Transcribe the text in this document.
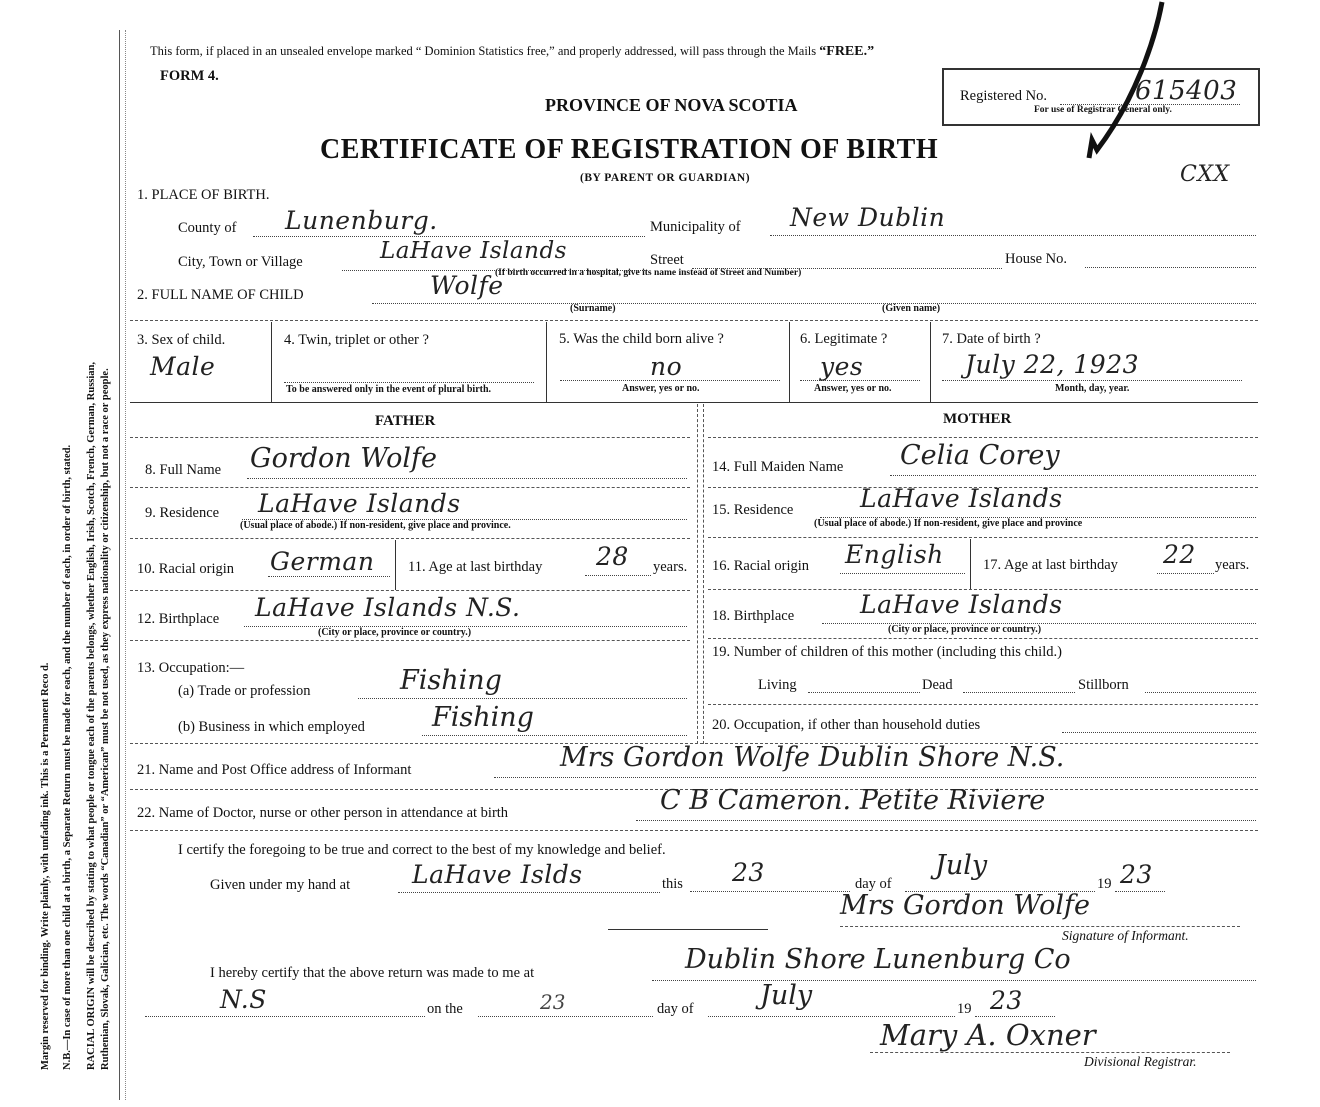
Margin reserved for binding. Write plainly, with unfading ink. This is a Permanent Reco d. N.B.—In case of more than one child at a birth, a Separate Return must be made for each, and the number of each, in order of birth, stated. RACIAL ORIGIN will be described by stating to what people or tongue each of the parents belongs, whether English, Irish, Scotch, French, German, Russian, Ruthenian, Slovak, Galician, etc. The words “Canadian” or “American” must be not used, as they express nationality or citizenship, but not a race or people.
This form, if placed in an unsealed envelope marked “ Dominion Statistics free,” and properly addressed, will pass through the Mails “FREE.”
FORM 4.
PROVINCE OF NOVA SCOTIA
CERTIFICATE OF REGISTRATION OF BIRTH
(BY PARENT OR GUARDIAN)
Registered No.	615403
For use of Registrar General only.
CXX
1. PLACE OF BIRTH.
County of Lunenburg.	Municipality of New Dublin
City, Town or Village	LaHave Islands	Street	House No.
(If birth occurred in a hospital, give its name instead of Street and Number)
2. FULL NAME OF CHILD	Wolfe
(Surname)	(Given name)
3. Sex of child.
Male
4. Twin, triplet or other ?
To be answered only in the event of plural birth.
5. Was the child born alive ?
no
Answer, yes or no.
6. Legitimate ?
yes
Answer, yes or no.
7. Date of birth ?
July 22, 1923
Month, day, year.
FATHER	MOTHER
8. Full Name Gordon Wolfe
9. Residence LaHave Islands
(Usual place of abode.) If non-resident, give place and province.
10. Racial origin German 11. Age at last birthday 28 years.
12. Birthplace LaHave Islands N.S.
(City or place, province or country.)
13. Occupation:—
(a) Trade or profession	Fishing
(b) Business in which employed Fishing
14. Full Maiden Name Celia Corey
15. Residence	LaHave Islands
(Usual place of abode.) If non-resident, give place and province
16. Racial origin English	17. Age at last birthday 22 years.
18. Birthplace	LaHave Islands
(City or place, province or country.)
19. Number of children of this mother (including this child.)
Living	Dead	Stillborn
20. Occupation, if other than household duties
21. Name and Post Office address of Informant	Mrs Gordon Wolfe Dublin Shore N.S.
22. Name of Doctor, nurse or other person in attendance at birth	C B Cameron. Petite Riviere
I certify the foregoing to be true and correct to the best of my knowledge and belief.
Given under my hand at LaHave Islds	this 23	day of
July
19 23
Mrs Gordon Wolfe
Signature of Informant.
I hereby certify that the above return was made to me at	Dublin Shore Lunenburg Co
N.S	on the	23	day of July	19 23
Mary A. Oxner
Divisional Registrar.
